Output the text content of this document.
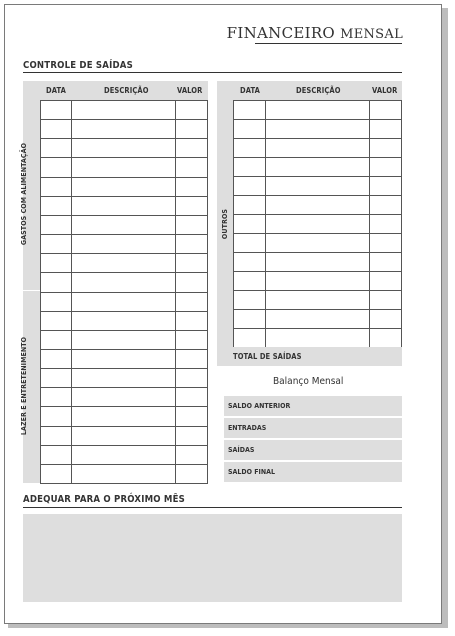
FINANCEIRO MENSAL
CONTROLE DE SAÍDAS
DATA	DESCRIÇÃO	VALOR
GASTOS COM ALIMENTAÇÃO
LAZER E ENTRETENIMENTO
DATA	DESCRIÇÃO	VALOR
OUTROS
TOTAL DE SAÍDAS
Balanço Mensal
SALDO ANTERIOR
ENTRADAS
SAÍDAS
SALDO FINAL
ADEQUAR PARA O PRÓXIMO MÊS
